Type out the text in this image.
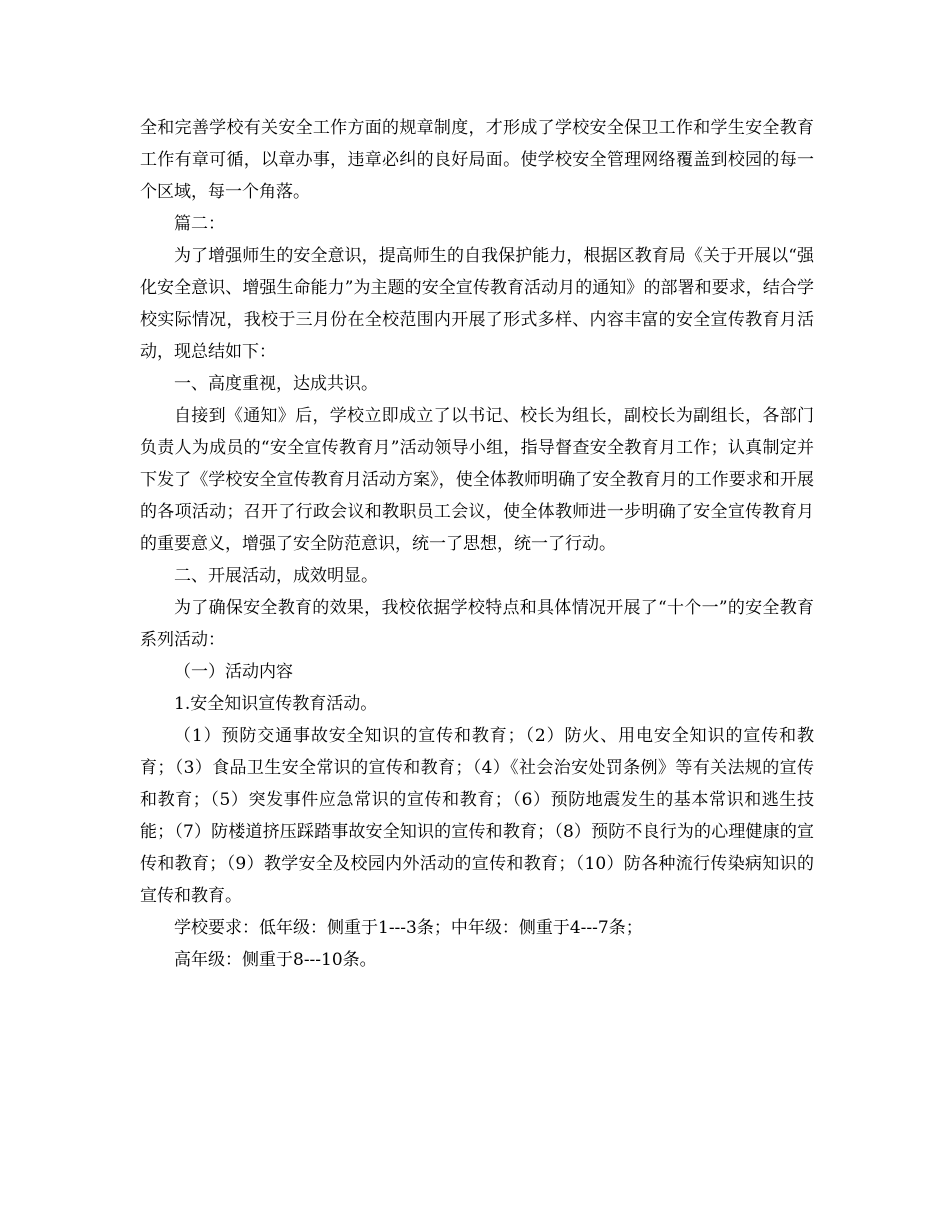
全和完善学校有关安全工作方面的规章制度，才形成了学校安全保卫工作和学生安全教育工作有章可循，以章办事，违章必纠的良好局面。使学校安全管理网络覆盖到校园的每一个区域，每一个角落。

篇二：

为了增强师生的安全意识，提高师生的自我保护能力，根据区教育局《关于开展以“强化安全意识、增强生命能力”为主题的安全宣传教育活动月的通知》的部署和要求，结合学校实际情况，我校于三月份在全校范围内开展了形式多样、内容丰富的安全宣传教育月活动，现总结如下：

一、高度重视，达成共识。

自接到《通知》后，学校立即成立了以书记、校长为组长，副校长为副组长，各部门负责人为成员的“安全宣传教育月”活动领导小组，指导督查安全教育月工作；认真制定并下发了《学校安全宣传教育月活动方案》，使全体教师明确了安全教育月的工作要求和开展的各项活动；召开了行政会议和教职员工会议，使全体教师进一步明确了安全宣传教育月的重要意义，增强了安全防范意识，统一了思想，统一了行动。

二、开展活动，成效明显。

为了确保安全教育的效果，我校依据学校特点和具体情况开展了“十个一”的安全教育系列活动：

（一）活动内容

1.安全知识宣传教育活动。

（1）预防交通事故安全知识的宣传和教育；（2）防火、用电安全知识的宣传和教育；（3）食品卫生安全常识的宣传和教育；（4）《社会治安处罚条例》等有关法规的宣传和教育；（5）突发事件应急常识的宣传和教育；（6）预防地震发生的基本常识和逃生技能；（7）防楼道挤压踩踏事故安全知识的宣传和教育；（8）预防不良行为的心理健康的宣传和教育；（9）教学安全及校园内外活动的宣传和教育；（10）防各种流行传染病知识的宣传和教育。

学校要求：低年级：侧重于1---3条；中年级：侧重于4---7条；

高年级：侧重于8---10条。
